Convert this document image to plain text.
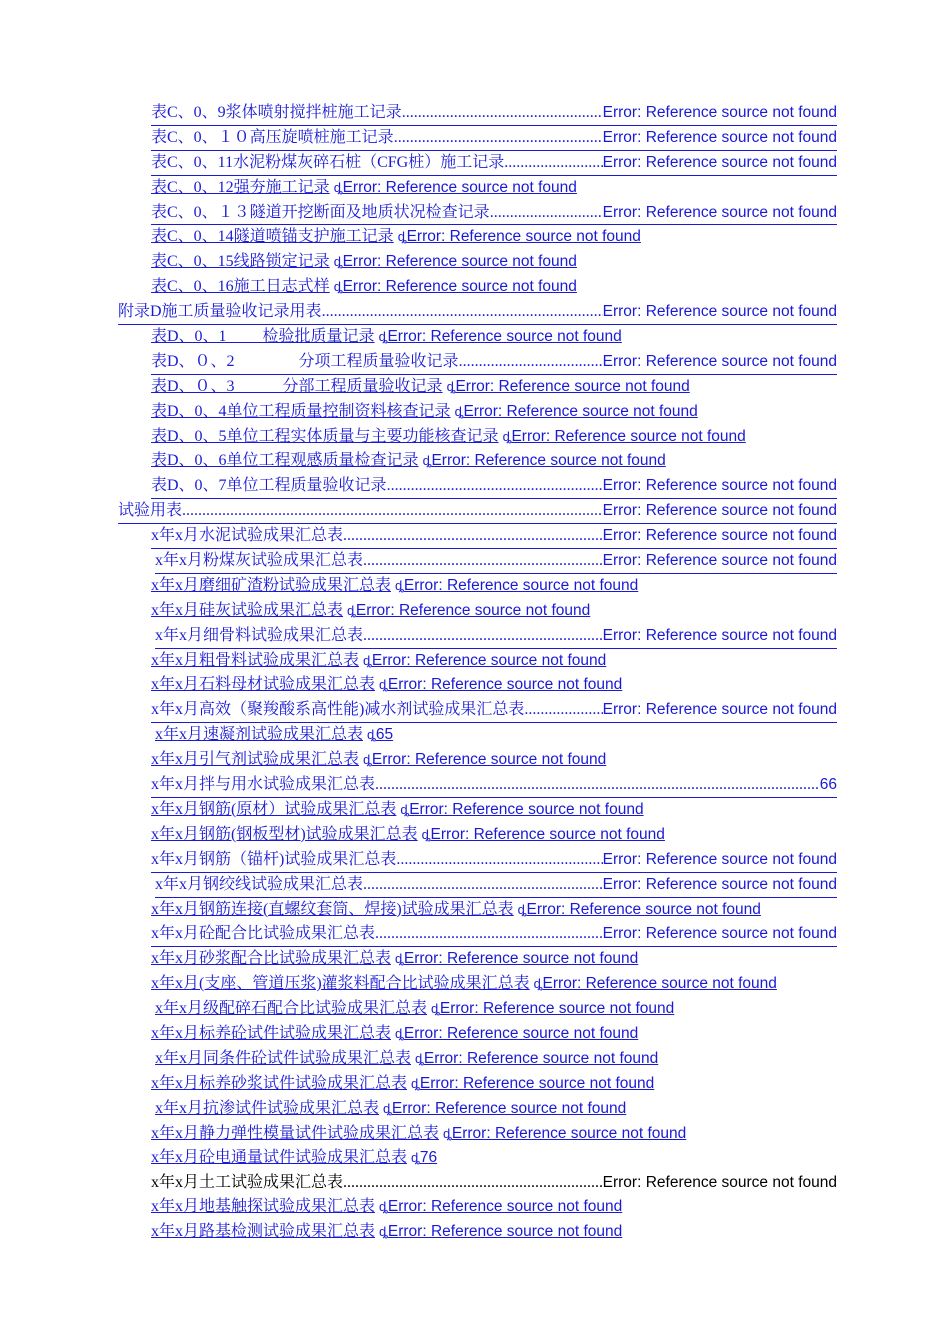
表C、0、9浆体喷射搅拌桩施工记录 .....	Error: Reference source not found
表C、0、１０高压旋喷桩施工记录 .....	Error: Reference source not found
表C、0、11水泥粉煤灰碎石桩（CFG桩）施工记录 .....	Error: Reference source not found
表C、0、12强夯施工记录 ȡError: Reference source not found
表C、0、１３隧道开挖断面及地质状况检查记录 .....	Error: Reference source not found
表C、0、14隧道喷锚支护施工记录 ȡError: Reference source not found
表C、0、15线路锁定记录 ȡError: Reference source not found
表C、0、16施工日志式样 ȡError: Reference source not found
附录D施工质量验收记录用表 .....	Error: Reference source not found
表D、0、1　　 检验批质量记录 ȡError: Reference source not found
表D、０、2　　　　分项工程质量验收记录 .....	Error: Reference source not found
表D、０、3　　　分部工程质量验收记录 ȡError: Reference source not found
表D、0、4单位工程质量控制资料核查记录 ȡError: Reference source not found
表D、0、5单位工程实体质量与主要功能核查记录 ȡError: Reference source not found
表D、0、6单位工程观感质量检查记录 ȡError: Reference source not found
表D、0、7单位工程质量验收记录 .....	Error: Reference source not found
试验用表 .....	Error: Reference source not found
x年x月水泥试验成果汇总表 .....	Error: Reference source not found
x年x月粉煤灰试验成果汇总表 .....	Error: Reference source not found
x年x月磨细矿渣粉试验成果汇总表 ȡError: Reference source not found
x年x月硅灰试验成果汇总表 ȡError: Reference source not found
x年x月细骨料试验成果汇总表 .....	Error: Reference source not found
x年x月粗骨料试验成果汇总表 ȡError: Reference source not found
x年x月石料母材试验成果汇总表 ȡError: Reference source not found
x年x月高效（聚羧酸系高性能)减水剂试验成果汇总表 .....	Error: Reference source not found
x年x月速凝剂试验成果汇总表 ȡ65
x年x月引气剂试验成果汇总表 ȡError: Reference source not found
x年x月拌与用水试验成果汇总表 .....	66
x年x月钢筋(原材）试验成果汇总表 ȡError: Reference source not found
x年x月钢筋(钢板型材)试验成果汇总表 ȡError: Reference source not found
x年x月钢筋（锚杆)试验成果汇总表 .....	Error: Reference source not found
x年x月钢绞线试验成果汇总表 .....	Error: Reference source not found
x年x月钢筋连接(直螺纹套筒、焊接)试验成果汇总表 ȡError: Reference source not found
x年x月砼配合比试验成果汇总表 .....	Error: Reference source not found
x年x月砂浆配合比试验成果汇总表 ȡError: Reference source not found
x年x月(支座、管道压浆)灌浆料配合比试验成果汇总表 ȡError: Reference source not found
x年x月级配碎石配合比试验成果汇总表 ȡError: Reference source not found
x年x月标养砼试件试验成果汇总表 ȡError: Reference source not found
x年x月同条件砼试件试验成果汇总表 ȡError: Reference source not found
x年x月标养砂浆试件试验成果汇总表 ȡError: Reference source not found
x年x月抗渗试件试验成果汇总表 ȡError: Reference source not found
x年x月静力弹性模量试件试验成果汇总表 ȡError: Reference source not found
x年x月砼电通量试件试验成果汇总表 ȡ76
x年x月土工试验成果汇总表 .....	Error: Reference source not found
x年x月地基触探试验成果汇总表 ȡError: Reference source not found
x年x月路基检测试验成果汇总表 ȡError: Reference source not found
